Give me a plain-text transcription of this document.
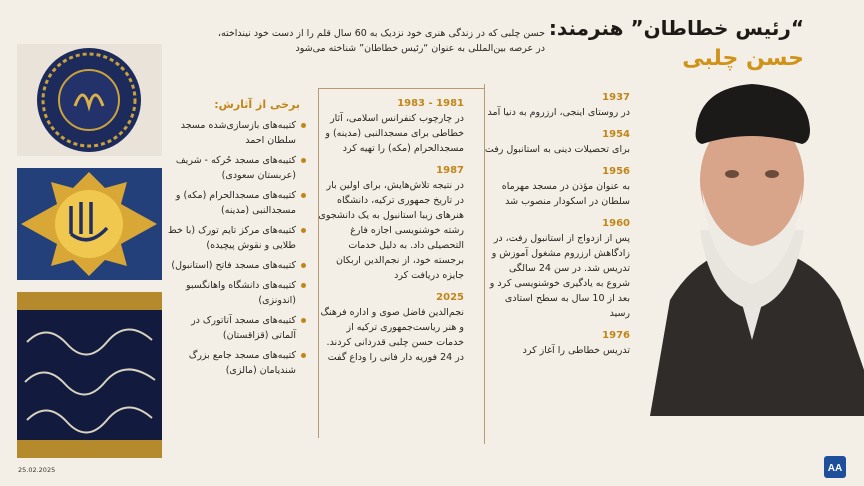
“رئیس خطاطان” هنرمند:
حسن چلبی
حسن چلبی که در زندگی هنری خود نزدیک به 60 سال قلم را از دست خود نینداخته، در عرصه بین‌المللی به عنوان “رئیس خطاطان” شناخته می‌شود

1937

در روستای اینجی، ارزروم به دنیا آمد

1954

برای تحصیلات دینی به استانبول رفت

1956

به عنوان مؤذن در مسجد مهرماه سلطان در اسکودار منصوب شد

1960

پس از ازدواج از استانبول رفت، در زادگاهش ارزروم مشغول آموزش و تدریس شد. در سن 24 سالگی شروع به یادگیری خوشنویسی کرد و بعد از 10 سال به سطح استادی رسید

1976

تدریس خطاطی را آغاز کرد

1981 - 1983

در چارچوب کنفرانس اسلامی، آثار خطاطی برای مسجدالنبی (مدینه) و مسجدالحرام (مکه) را تهیه کرد

1987

در نتیجه تلاش‌هایش، برای اولین بار در تاریخ جمهوری ترکیه، دانشگاه هنرهای زیبا استانبول به یک دانشجوی رشته خوشنویسی اجازه فارغ التحصیلی داد. به دلیل خدمات برجسته خود، از نجم‌الدین اربکان جایزه دریافت کرد

2025

نجم‌الدین فاضل صوی و اداره فرهنگ و هنر ریاست‌جمهوری ترکیه از خدمات حسن چلبی قدردانی کردند. در 24 فوریه دار فانی را وداع گفت

برخی از آثارش:
کتیبه‌های بازسازی‌شده مسجد سلطان احمد
کتیبه‌های مسجد حُرکه - شریف (عربستان سعودی)
کتیبه‌های مسجدالحرام (مکه) و مسجدالنبی (مدینه)
کتیبه‌های مرکز تایم تورک (با خط طلایی و نقوش پیچیده)
کتیبه‌های مسجد فاتح (استانبول)
کتیبه‌های دانشگاه واهانگسبو (اندونزی)
کتیبه‌های مسجد آتاتورک در آلماتی (قزاقستان)
کتیبه‌های مسجد جامع بزرگ شندیامان (مالزی)
25.02.2025	AA
